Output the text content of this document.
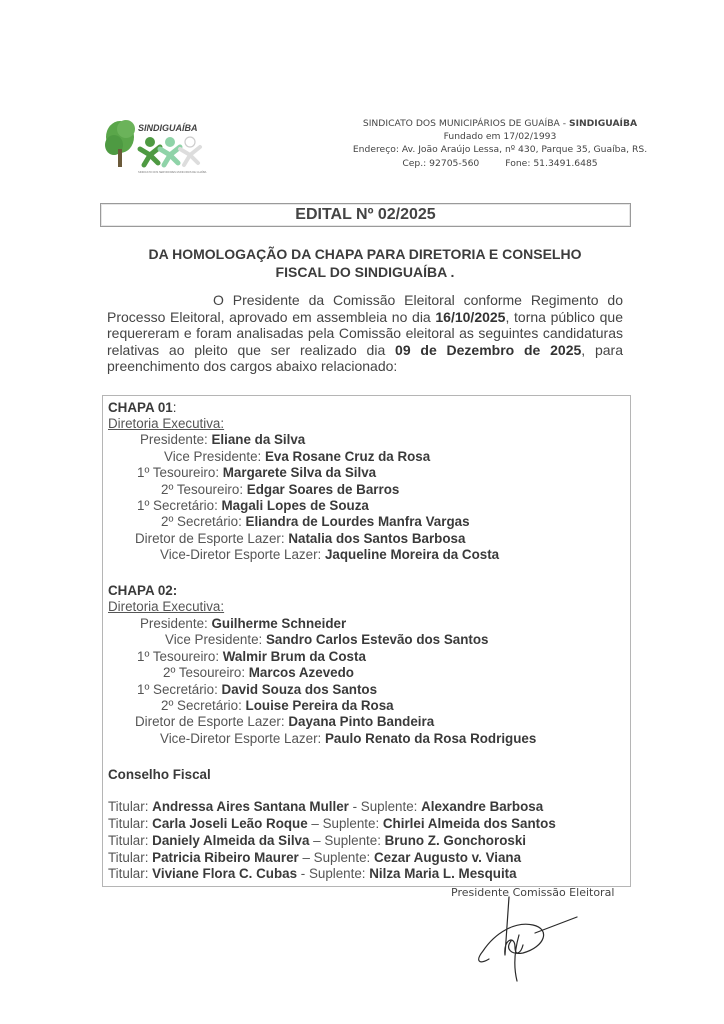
SINDIGUAÍBA
SINDICATO DOS SERVIDORES MUNICIPAIS DE GUAÍBA
SINDICATO DOS MUNICIPÁRIOS DE GUAÍBA - SINDIGUAÍBA
Fundado em 17/02/1993
Endereço: Av. João Araújo Lessa, nº 430, Parque 35, Guaíba, RS.
Cep.: 92705-560	Fone: 51.3491.6485
EDITAL Nº 02/2025
DA HOMOLOGAÇÃO DA CHAPA PARA DIRETORIA E CONSELHO
FISCAL DO SINDIGUAÍBA .
O Presidente da Comissão Eleitoral conforme Regimento do Processo Eleitoral, aprovado em assembleia no dia 16/10/2025, torna público que requereram e foram analisadas pela Comissão eleitoral as seguintes candidaturas relativas ao pleito que ser realizado dia 09 de Dezembro de 2025, para preenchimento dos cargos abaixo relacionado:
CHAPA 01:
Diretoria Executiva:
Presidente: Eliane da Silva
Vice Presidente: Eva Rosane Cruz da Rosa
1º Tesoureiro: Margarete Silva da Silva
2º Tesoureiro: Edgar Soares de Barros
1º Secretário: Magali Lopes de Souza
2º Secretário: Eliandra de Lourdes Manfra Vargas
Diretor de Esporte Lazer: Natalia dos Santos Barbosa
Vice-Diretor Esporte Lazer: Jaqueline Moreira da Costa
CHAPA 02:
Diretoria Executiva:
Presidente: Guilherme Schneider
Vice Presidente: Sandro Carlos Estevão dos Santos
1º Tesoureiro: Walmir Brum da Costa
2º Tesoureiro: Marcos Azevedo
1º Secretário: David Souza dos Santos
2º Secretário: Louise Pereira da Rosa
Diretor de Esporte Lazer: Dayana Pinto Bandeira
Vice-Diretor Esporte Lazer: Paulo Renato da Rosa Rodrigues
Conselho Fiscal
Titular: Andressa Aires Santana Muller - Suplente: Alexandre Barbosa
Titular: Carla Joseli Leão Roque – Suplente: Chirlei Almeida dos Santos
Titular: Daniely Almeida da Silva – Suplente: Bruno Z. Gonchoroski
Titular: Patricia Ribeiro Maurer – Suplente: Cezar Augusto v. Viana
Titular: Viviane Flora C. Cubas - Suplente: Nilza Maria L. Mesquita
Presidente Comissão Eleitoral
